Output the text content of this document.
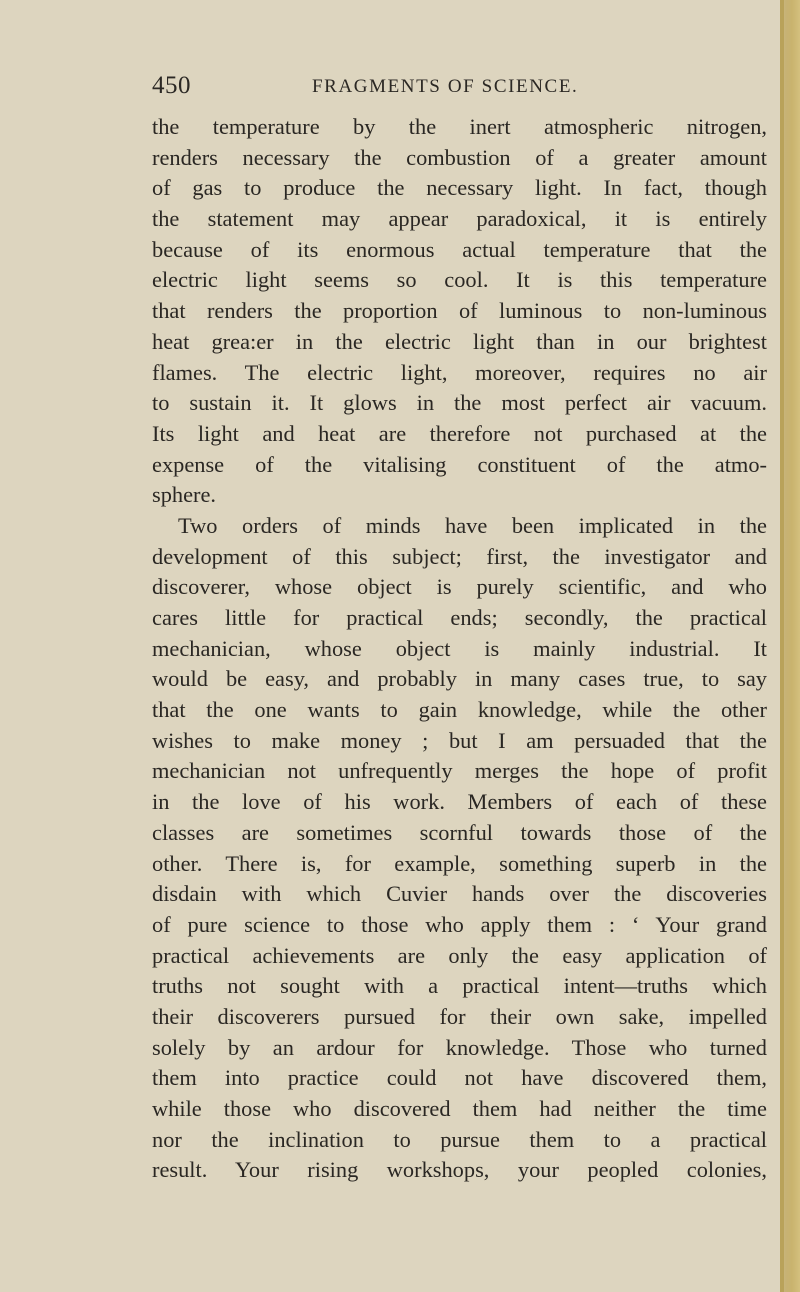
450	FRAGMENTS OF SCIENCE.
the temperature by the inert atmospheric nitrogen,
renders necessary the combustion of a greater amount
of gas to produce the necessary light. In fact, though
the statement may appear paradoxical, it is entirely
because of its enormous actual temperature that the
electric light seems so cool. It is this temperature
that renders the proportion of luminous to non-luminous
heat grea:er in the electric light than in our brightest
flames. The electric light, moreover, requires no air
to sustain it. It glows in the most perfect air vacuum.
Its light and heat are therefore not purchased at the
expense of the vitalising constituent of the atmo-
sphere.
Two orders of minds have been implicated in the
development of this subject; first, the investigator and
discoverer, whose object is purely scientific, and who
cares little for practical ends; secondly, the practical
mechanician, whose object is mainly industrial. It
would be easy, and probably in many cases true, to say
that the one wants to gain knowledge, while the other
wishes to make money ; but I am persuaded that the
mechanician not unfrequently merges the hope of profit
in the love of his work. Members of each of these
classes are sometimes scornful towards those of the
other. There is, for example, something superb in the
disdain with which Cuvier hands over the discoveries
of pure science to those who apply them : ‘ Your grand
practical achievements are only the easy application of
truths not sought with a practical intent—truths which
their discoverers pursued for their own sake, impelled
solely by an ardour for knowledge. Those who turned
them into practice could not have discovered them,
while those who discovered them had neither the time
nor the inclination to pursue them to a practical
result. Your rising workshops, your peopled colonies,
